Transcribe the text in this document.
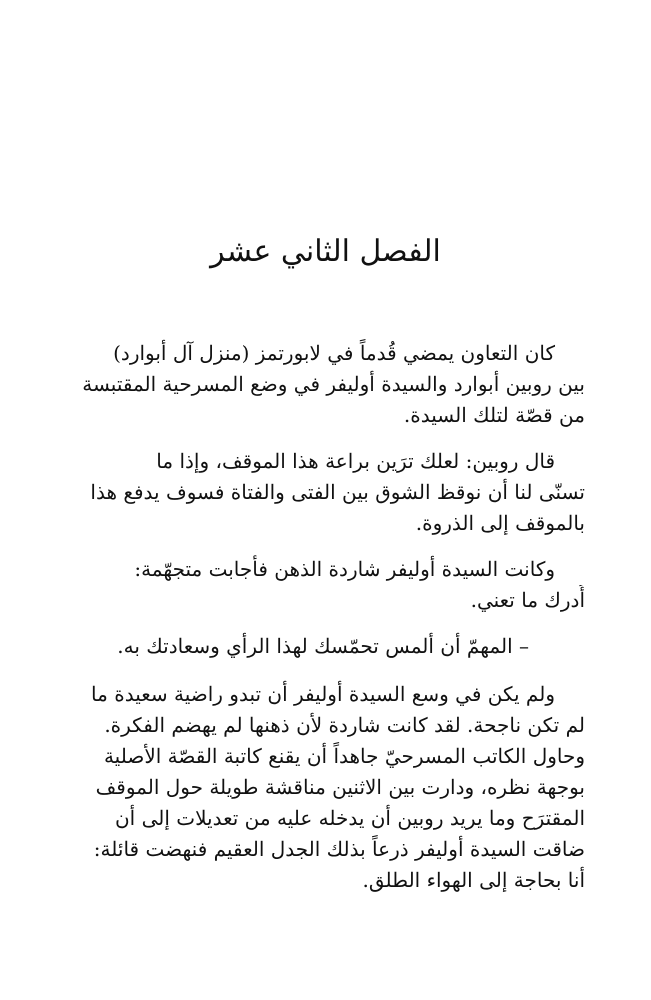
الفصل الثاني عشر
كان التعاون يمضي قُدماً في لابورتمز (منزل آل أبوارد)
بين روبين أبوارد والسيدة أوليفر في وضع المسرحية المقتبسة
من قصّة لتلك السيدة.
قال روبين: لعلك ترَين براعة هذا الموقف، وإذا ما
تسنّى لنا أن نوقظ الشوق بين الفتى والفتاة فسوف يدفع هذا
بالموقف إلى الذروة.
وكانت السيدة أوليفر شاردة الذهن فأجابت متجهّمة:
أُدرك ما تعني.
– المهمّ أن ألمس تحمّسك لهذا الرأي وسعادتك به.
ولم يكن في وسع السيدة أوليفر أن تبدو راضية سعيدة ما
لم تكن ناجحة. لقد كانت شاردة لأن ذهنها لم يهضم الفكرة.
وحاول الكاتب المسرحيّ جاهداً أن يقنع كاتبة القصّة الأصلية
بوجهة نظره، ودارت بين الاثنين مناقشة طويلة حول الموقف
المقترَح وما يريد روبين أن يدخله عليه من تعديلات إلى أن
ضاقت السيدة أوليفر ذرعاً بذلك الجدل العقيم فنهضت قائلة:
أنا بحاجة إلى الهواء الطلق.
